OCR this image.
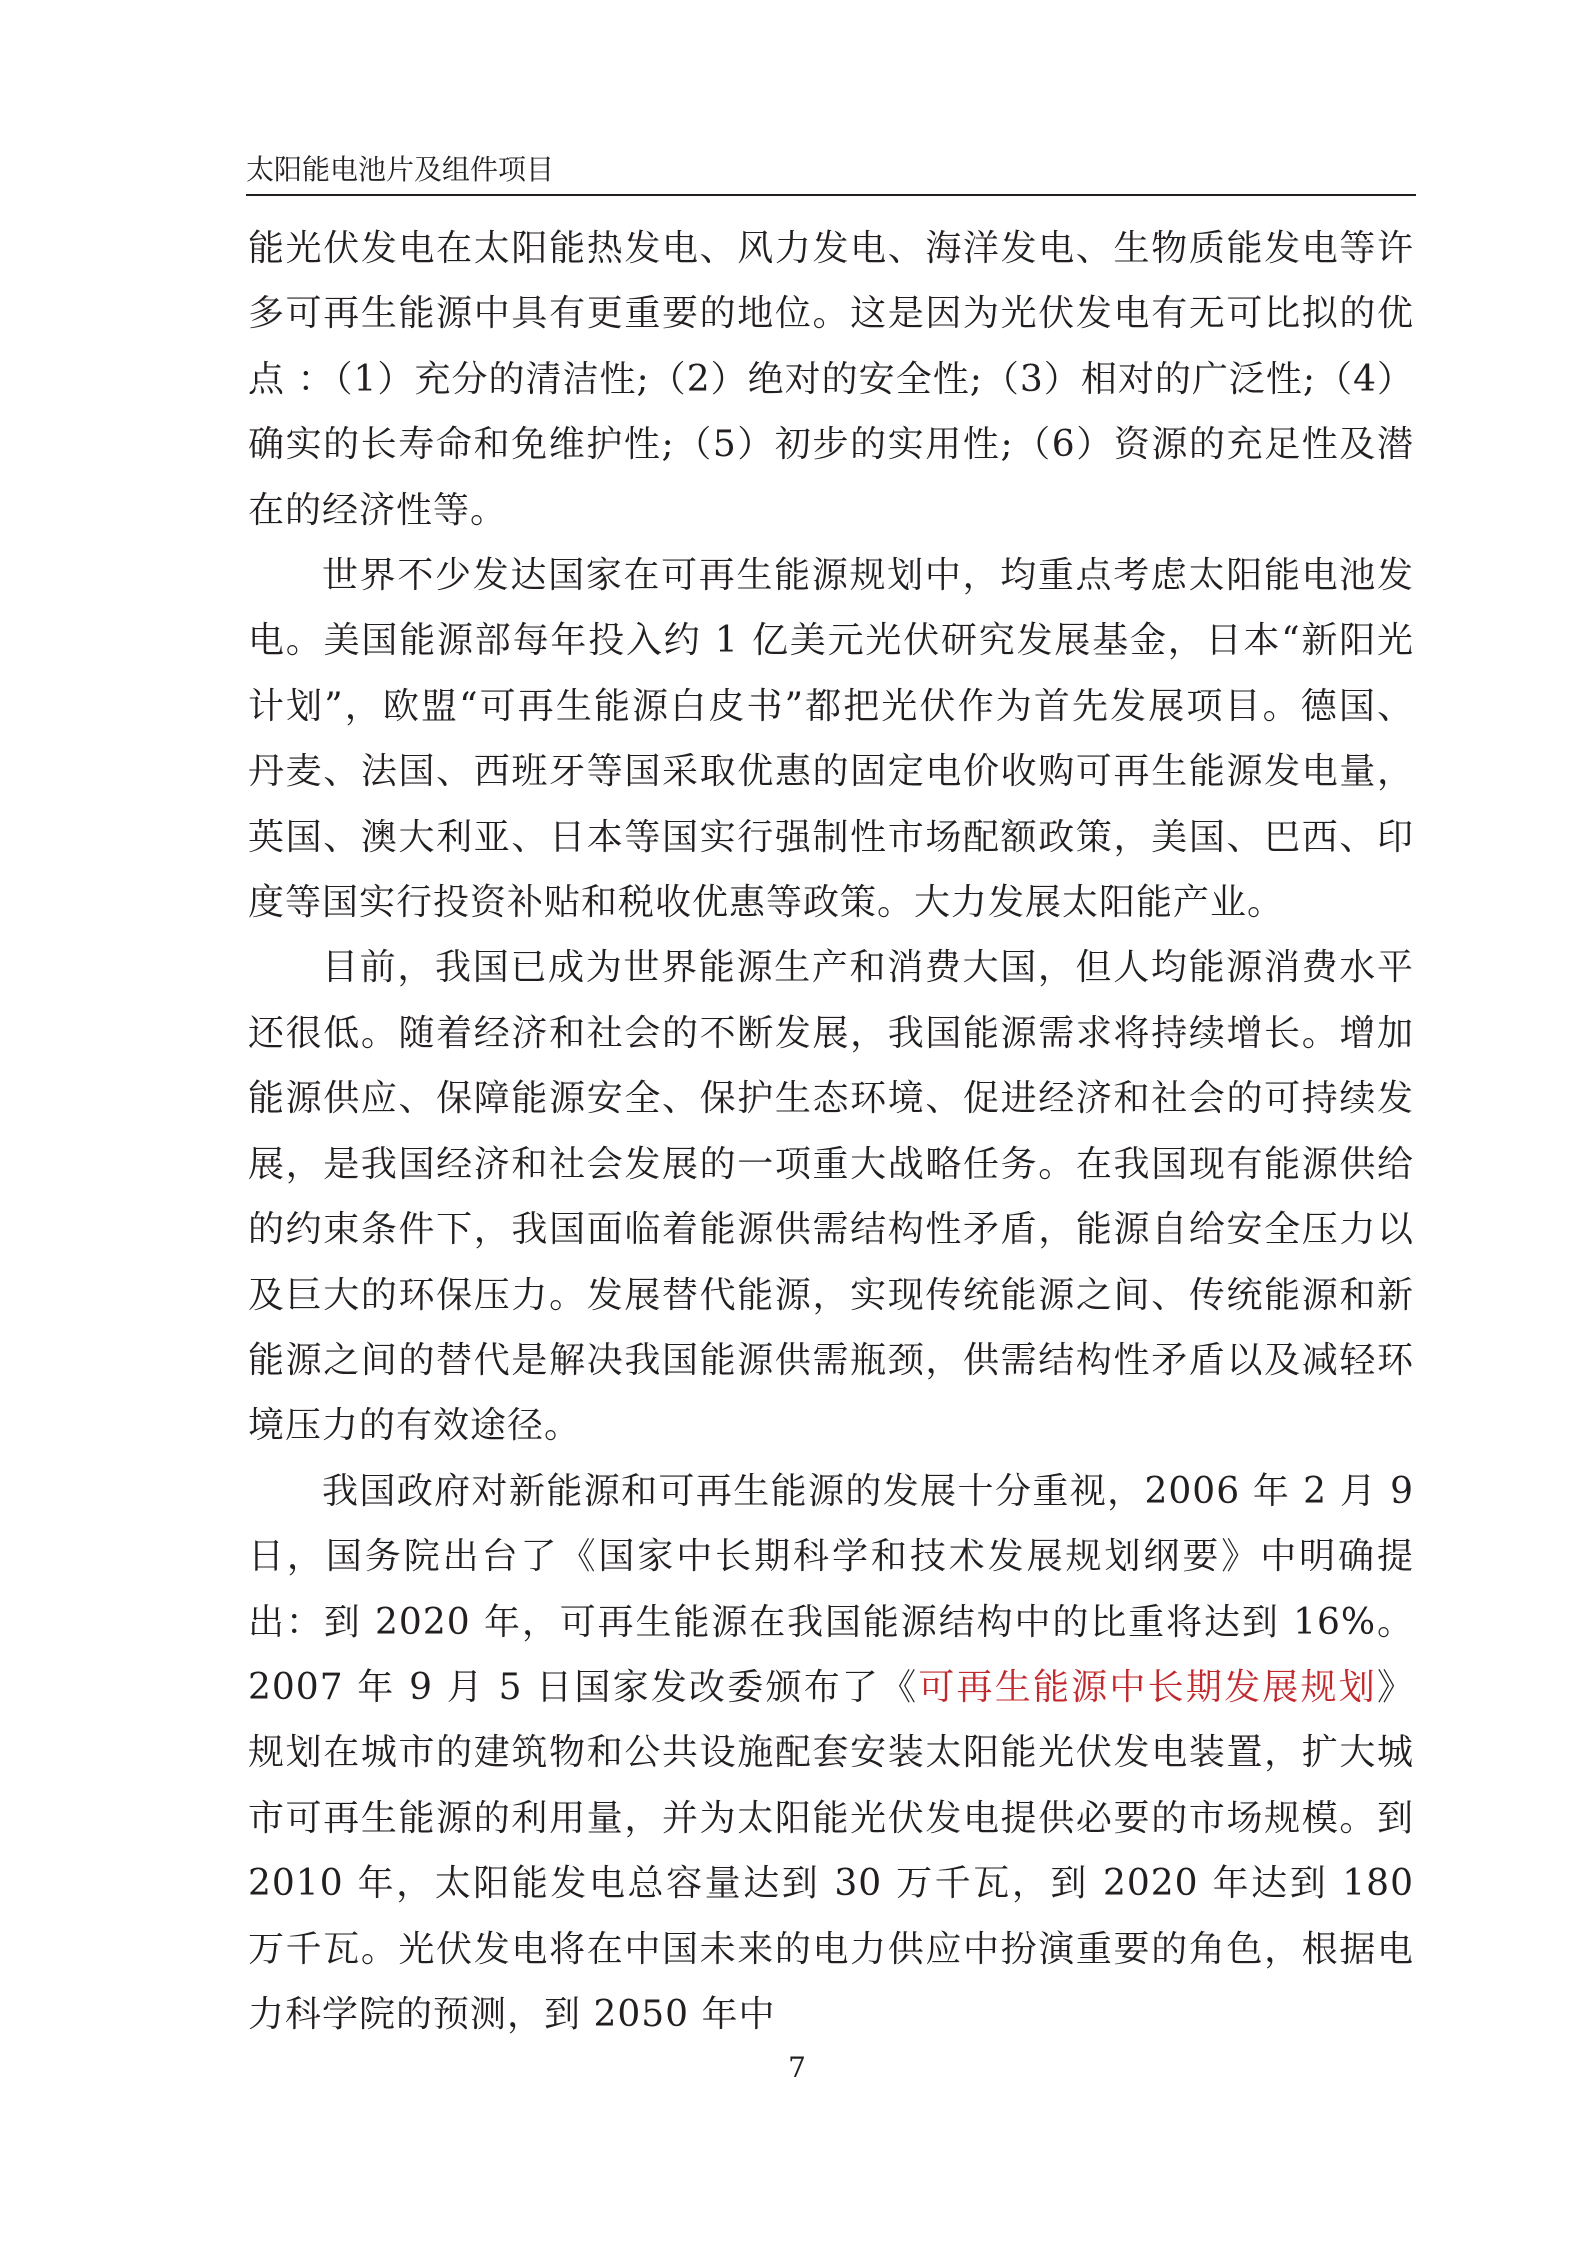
太阳能电池片及组件项目

能光伏发电在太阳能热发电、风力发电、海洋发电、生物质能发电等许多可再生能源中具有更重要的地位。这是因为光伏发电有无可比拟的优点 ：（1）充分的清洁性;（2）绝对的安全性;（3）相对的广泛性;（4）确实的长寿命和免维护性;（5）初步的实用性;（6）资源的充足性及潜在的经济性等。

世界不少发达国家在可再生能源规划中，均重点考虑太阳能电池发电。美国能源部每年投入约 1 亿美元光伏研究发展基金，日本“新阳光计划”，欧盟“可再生能源白皮书”都把光伏作为首先发展项目。德国、丹麦、法国、西班牙等国采取优惠的固定电价收购可再生能源发电量，英国、澳大利亚、日本等国实行强制性市场配额政策，美国、巴西、印度等国实行投资补贴和税收优惠等政策。大力发展太阳能产业。

目前，我国已成为世界能源生产和消费大国，但人均能源消费水平还很低。随着经济和社会的不断发展，我国能源需求将持续增长。增加能源供应、保障能源安全、保护生态环境、促进经济和社会的可持续发展，是我国经济和社会发展的一项重大战略任务。在我国现有能源供给的约束条件下，我国面临着能源供需结构性矛盾，能源自给安全压力以及巨大的环保压力。发展替代能源，实现传统能源之间、传统能源和新能源之间的替代是解决我国能源供需瓶颈，供需结构性矛盾以及减轻环境压力的有效途径。

我国政府对新能源和可再生能源的发展十分重视，2006 年 2 月 9 日，国务院出台了《国家中长期科学和技术发展规划纲要》中明确提出：到 2020 年，可再生能源在我国能源结构中的比重将达到 16%。2007 年 9 月 5 日国家发改委颁布了《可再生能源中长期发展规划》规划在城市的建筑物和公共设施配套安装太阳能光伏发电装置，扩大城市可再生能源的利用量，并为太阳能光伏发电提供必要的市场规模。到 2010 年，太阳能发电总容量达到 30 万千瓦，到 2020 年达到 180 万千瓦。光伏发电将在中国未来的电力供应中扮演重要的角色，根据电力科学院的预测，到 2050 年中

7
